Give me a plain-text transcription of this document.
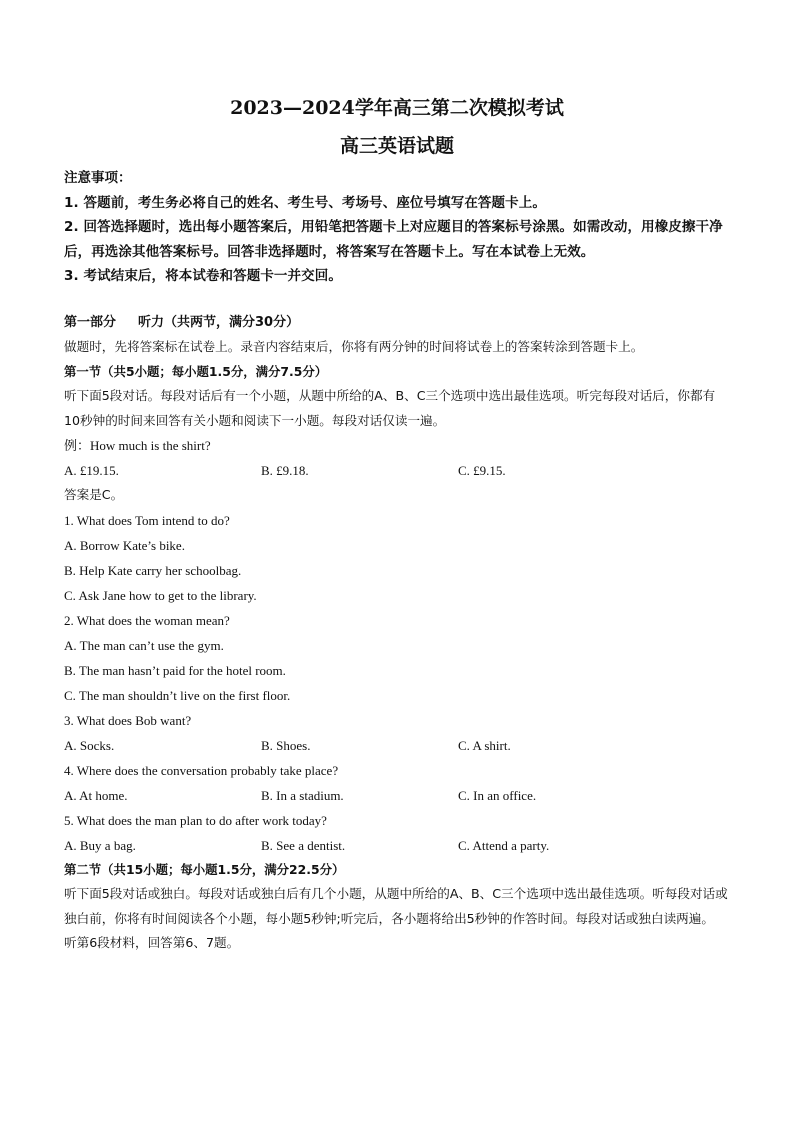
2023—2024学年高三第二次模拟考试

高三英语试题

注意事项：

1. 答题前，考生务必将自己的姓名、考生号、考场号、座位号填写在答题卡上。

2. 回答选择题时，选出每小题答案后，用铅笔把答题卡上对应题目的答案标号涂黑。如需改动，用橡皮擦干净后，再选涂其他答案标号。回答非选择题时，将答案写在答题卡上。写在本试卷上无效。

3. 考试结束后，将本试卷和答题卡一并交回。

第一部分 听力（共两节，满分30分）

做题时，先将答案标在试卷上。录音内容结束后，你将有两分钟的时间将试卷上的答案转涂到答题卡上。

第一节（共5小题；每小题1.5分，满分7.5分）

听下面5段对话。每段对话后有一个小题，从题中所给的A、B、C三个选项中选出最佳选项。听完每段对话后，你都有10秒钟的时间来回答有关小题和阅读下一小题。每段对话仅读一遍。

例：How much is the shirt?

A. £19.15.	B. £9.18.	C. £9.15.

答案是C。

1. What does Tom intend to do?

A. Borrow Kate’s bike.

B. Help Kate carry her schoolbag.

C. Ask Jane how to get to the library.

2. What does the woman mean?

A. The man can’t use the gym.

B. The man hasn’t paid for the hotel room.

C. The man shouldn’t live on the first floor.

3. What does Bob want?

A. Socks.	B. Shoes.	C. A shirt.

4. Where does the conversation probably take place?

A. At home.	B. In a stadium.	C. In an office.

5. What does the man plan to do after work today?

A. Buy a bag.	B. See a dentist.	C. Attend a party.

第二节（共15小题；每小题1.5分，满分22.5分）

听下面5段对话或独白。每段对话或独白后有几个小题，从题中所给的A、B、C三个选项中选出最佳选项。听每段对话或独白前，你将有时间阅读各个小题，每小题5秒钟;听完后，各小题将给出5秒钟的作答时间。每段对话或独白读两遍。

听第6段材料，回答第6、7题。
